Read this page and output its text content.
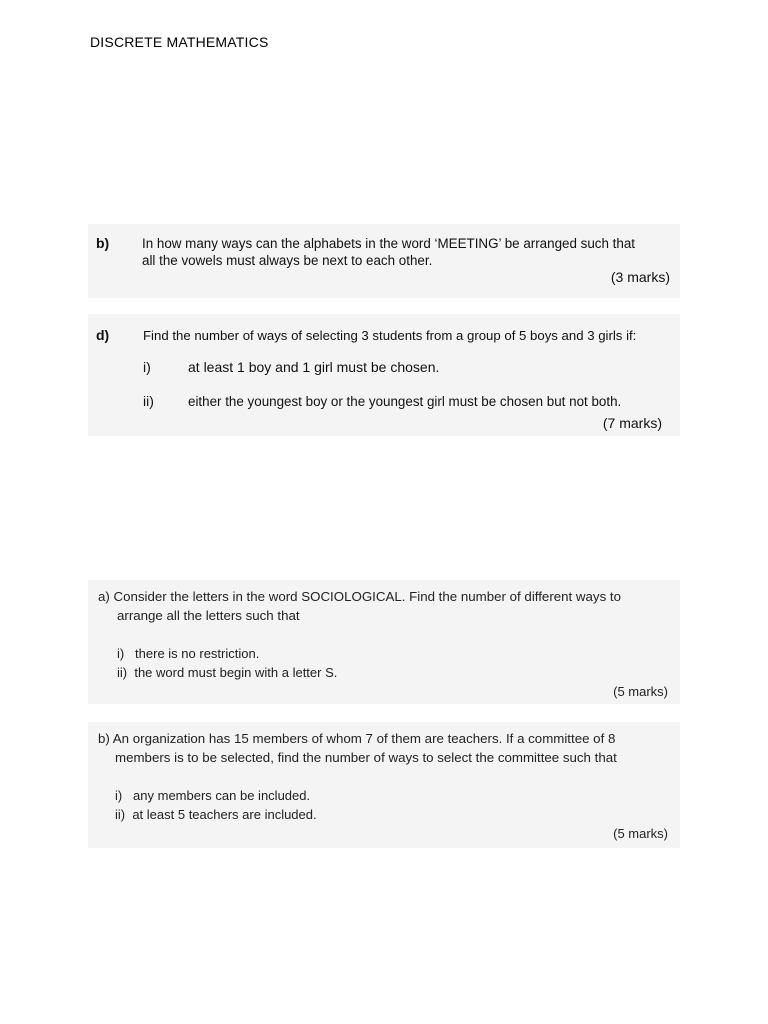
DISCRETE MATHEMATICS
b) In how many ways can the alphabets in the word ‘MEETING’ be arranged such that
all the vowels must always be next to each other.
(3 marks)
d)	Find the number of ways of selecting 3 students from a group of 5 boys and 3 girls if:
i)	at least 1 boy and 1 girl must be chosen.
ii)	either the youngest boy or the youngest girl must be chosen but not both.
(7 marks)
a) Consider the letters in the word SOCIOLOGICAL. Find the number of different ways to
arrange all the letters such that
i)   there is no restriction.
ii)  the word must begin with a letter S.
(5 marks)
b) An organization has 15 members of whom 7 of them are teachers. If a committee of 8
members is to be selected, find the number of ways to select the committee such that
i)   any members can be included.
ii)  at least 5 teachers are included.
(5 marks)
